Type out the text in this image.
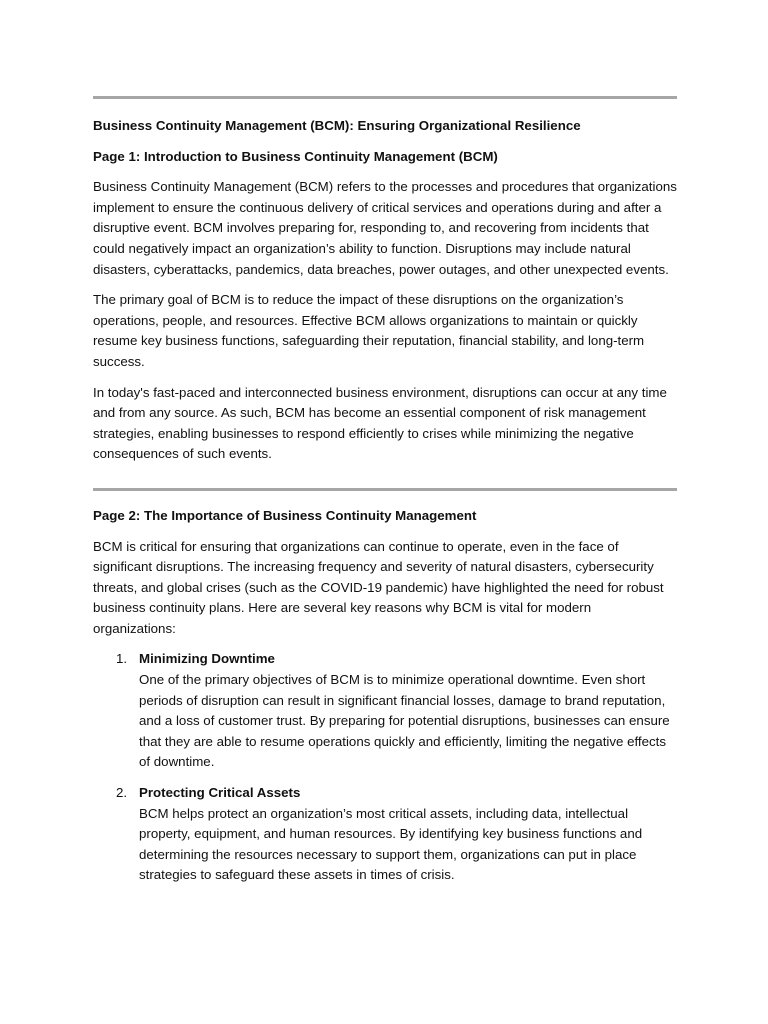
Business Continuity Management (BCM): Ensuring Organizational Resilience

Page 1: Introduction to Business Continuity Management (BCM)

Business Continuity Management (BCM) refers to the processes and procedures that organizations implement to ensure the continuous delivery of critical services and operations during and after a disruptive event. BCM involves preparing for, responding to, and recovering from incidents that could negatively impact an organization’s ability to function. Disruptions may include natural disasters, cyberattacks, pandemics, data breaches, power outages, and other unexpected events.

The primary goal of BCM is to reduce the impact of these disruptions on the organization’s operations, people, and resources. Effective BCM allows organizations to maintain or quickly resume key business functions, safeguarding their reputation, financial stability, and long-term success.

In today's fast-paced and interconnected business environment, disruptions can occur at any time and from any source. As such, BCM has become an essential component of risk management strategies, enabling businesses to respond efficiently to crises while minimizing the negative consequences of such events.

Page 2: The Importance of Business Continuity Management

BCM is critical for ensuring that organizations can continue to operate, even in the face of significant disruptions. The increasing frequency and severity of natural disasters, cybersecurity threats, and global crises (such as the COVID-19 pandemic) have highlighted the need for robust business continuity plans. Here are several key reasons why BCM is vital for modern organizations:

1. Minimizing Downtime
One of the primary objectives of BCM is to minimize operational downtime. Even short periods of disruption can result in significant financial losses, damage to brand reputation, and a loss of customer trust. By preparing for potential disruptions, businesses can ensure that they are able to resume operations quickly and efficiently, limiting the negative effects of downtime.
2. Protecting Critical Assets
BCM helps protect an organization’s most critical assets, including data, intellectual property, equipment, and human resources. By identifying key business functions and determining the resources necessary to support them, organizations can put in place strategies to safeguard these assets in times of crisis.
